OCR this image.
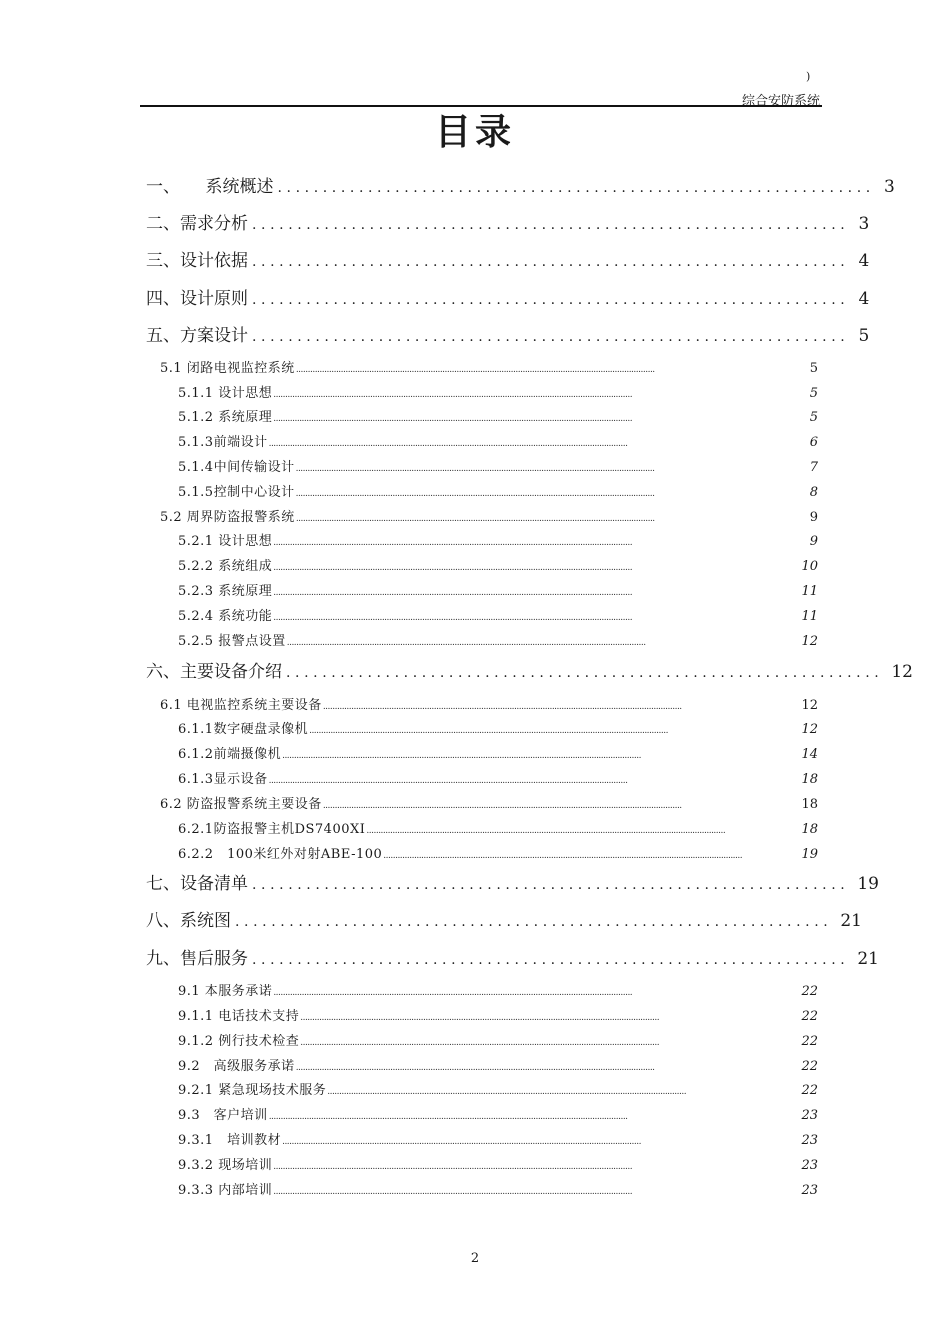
)
综合安防系统
目录
一、　　系统概述 .................................................................. 3
二、需求分析 .................................................................. 3
三、设计依据 .................................................................. 4
四、设计原则 .................................................................. 4
五、方案设计 .................................................................. 5
5.1 闭路电视监控系统 ........................................................................................................................................................	5
5.1.1 设计思想 ........................................................................................................................................................	5
5.1.2 系统原理 ........................................................................................................................................................	5
5.1.3前端设计 ........................................................................................................................................................	6
5.1.4中间传输设计 ........................................................................................................................................................	7
5.1.5控制中心设计 ........................................................................................................................................................	8
5.2 周界防盗报警系统 ........................................................................................................................................................	9
5.2.1 设计思想 ........................................................................................................................................................	9
5.2.2 系统组成 ........................................................................................................................................................	10
5.2.3 系统原理 ........................................................................................................................................................	11
5.2.4 系统功能 ........................................................................................................................................................	11
5.2.5 报警点设置 ........................................................................................................................................................	12
六、主要设备介绍 .................................................................. 12
6.1 电视监控系统主要设备 ........................................................................................................................................................	12
6.1.1数字硬盘录像机 ........................................................................................................................................................	12
6.1.2前端摄像机 ........................................................................................................................................................	14
6.1.3显示设备 ........................................................................................................................................................	18
6.2 防盗报警系统主要设备 ........................................................................................................................................................	18
6.2.1防盗报警主机DS7400XI ........................................................................................................................................................	18
6.2.2　100米红外对射ABE-100 ........................................................................................................................................................	19
七、设备清单 .................................................................. 19
八、系统图 .................................................................. 21
九、售后服务 .................................................................. 21
9.1 本服务承诺 ........................................................................................................................................................	22
9.1.1 电话技术支持 ........................................................................................................................................................	22
9.1.2 例行技术检查 ........................................................................................................................................................	22
9.2　高级服务承诺 ........................................................................................................................................................	22
9.2.1 紧急现场技术服务 ........................................................................................................................................................	22
9.3　客户培训 ........................................................................................................................................................	23
9.3.1　培训教材 ........................................................................................................................................................	23
9.3.2 现场培训 ........................................................................................................................................................	23
9.3.3 内部培训 ........................................................................................................................................................	23
2
